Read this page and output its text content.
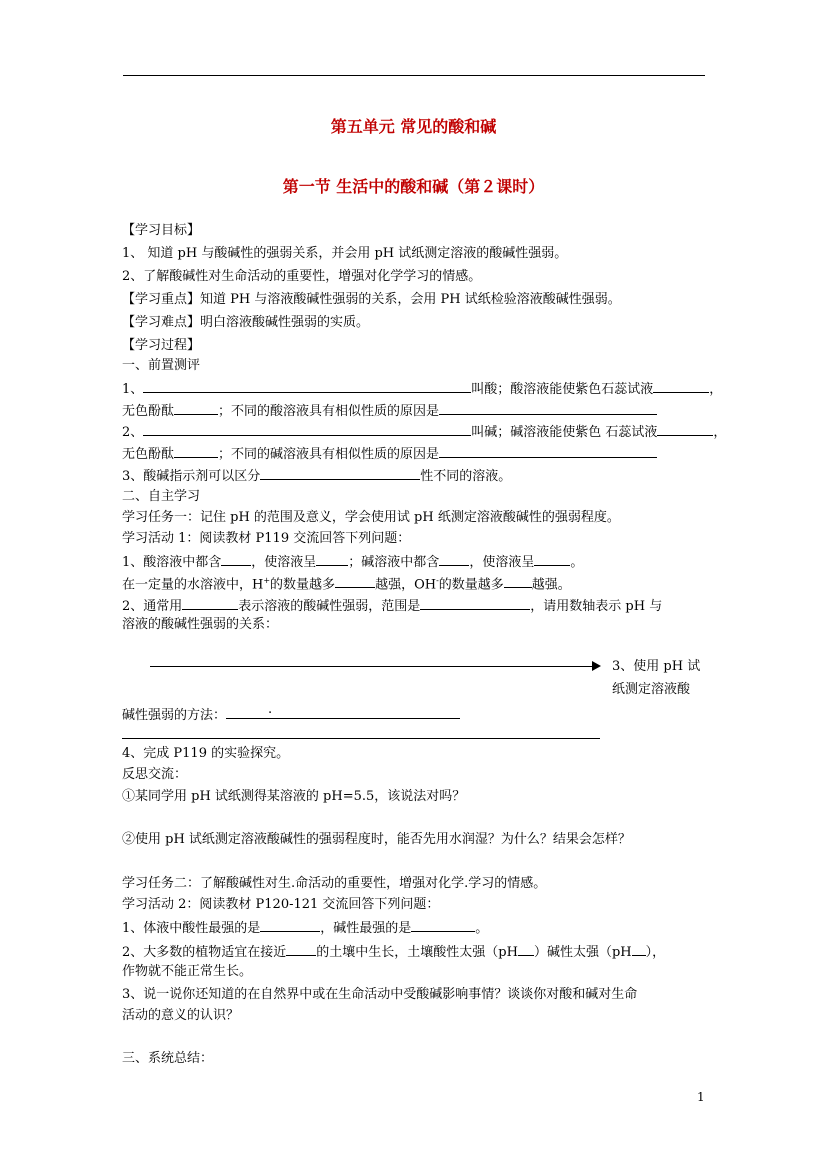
第五单元 常见的酸和碱
第一节 生活中的酸和碱（第２课时）
【学习目标】
1、 知道 pH 与酸碱性的强弱关系，并会用 pH 试纸测定溶液的酸碱性强弱。
2、了解酸碱性对生命活动的重要性，增强对化学学习的情感。
【学习重点】知道 PH 与溶液酸碱性强弱的关系，会用 PH 试纸检验溶液酸碱性强弱。
【学习难点】明白溶液酸碱性强弱的实质。
【学习过程】
一、前置测评
1、	叫酸；酸溶液能使紫色石蕊试液	，
无色酚酞	；不同的酸溶液具有相似性质的原因是
2、	叫碱；碱溶液能使紫色 石蕊试液	，
无色酚酞	；不同的碱溶液具有相似性质的原因是
3、酸碱指示剂可以区分	性不同的溶液。
二、自主学习
学习任务一：记住 pH 的范围及意义，学会使用试 pH 纸测定溶液酸碱性的强弱程度。
学习活动 1：阅读教材 P119 交流回答下列问题：
1、酸溶液中都含 ，使溶液呈 ；碱溶液中都含 ，使溶液呈	。
在一定量的水溶液中，H+的数量越多	越强，OH-的数量越多 越强。
2、通常用	表示溶液的酸碱性强弱，范围是	，请用数轴表示 pH 与
溶液的酸碱性强弱的关系：
3、使用 pH 试
纸测定溶液酸
碱性强弱的方法：	.
4、完成 P119 的实验探究。
反思交流：
①某同学用 pH 试纸测得某溶液的 pH=5.5，该说法对吗？
②使用 pH 试纸测定溶液酸碱性的强弱程度时，能否先用水润湿？为什么？结果会怎样？
学习任务二：了解酸碱性对生.命活动的重要性，增强对化学.学习的情感。
学习活动 2：阅读教材 P120-121 交流回答下列问题：
1、体液中酸性最强的是	，碱性最强的是	。
2、大多数的植物适宜在接近 的土壤中生长，土壤酸性太强（pH ）碱性太强（pH ），
作物就不能正常生长。
3、说一说你还知道的在自然界中或在生命活动中受酸碱影响事情？谈谈你对酸和碱对生命
活动的意义的认识？
三、系统总结：
1
